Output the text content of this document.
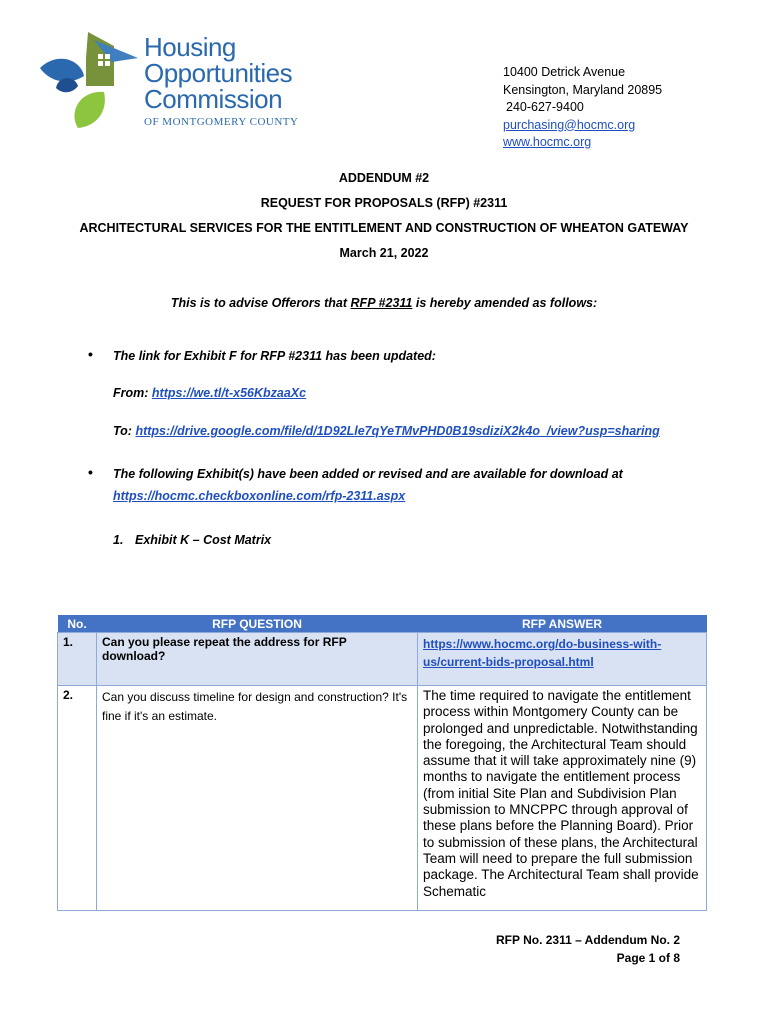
Housing
Opportunities
Commission
OF MONTGOMERY COUNTY
10400 Detrick Avenue
Kensington, Maryland 20895
240-627-9400
purchasing@hocmc.org
www.hocmc.org
ADDENDUM #2
REQUEST FOR PROPOSALS (RFP) #2311
ARCHITECTURAL SERVICES FOR THE ENTITLEMENT AND CONSTRUCTION OF WHEATON GATEWAY
March 21, 2022
This is to advise Offerors that RFP #2311 is hereby amended as follows:
• The link for Exhibit F for RFP #2311 has been updated:
From: https://we.tl/t-x56KbzaaXc
To: https://drive.google.com/file/d/1D92Lle7qYeTMvPHD0B19sdiziX2k4o_/view?usp=sharing
• The following Exhibit(s) have been added or revised and are available for download at
https://hocmc.checkboxonline.com/rfp-2311.aspx
1. Exhibit K – Cost Matrix
No.	RFP QUESTION	RFP ANSWER
1.	Can you please repeat the address for RFP download?	https://www.hocmc.org/do-business-with-us/current-bids-proposal.html
2.	Can you discuss timeline for design and construction? It's fine if it's an estimate.	The time required to navigate the entitlement process within Montgomery County can be prolonged and unpredictable. Notwithstanding the foregoing, the Architectural Team should assume that it will take approximately nine (9) months to navigate the entitlement process (from initial Site Plan and Subdivision Plan submission to MNCPPC through approval of these plans before the Planning Board). Prior to submission of these plans, the Architectural Team will need to prepare the full submission package. The Architectural Team shall provide Schematic
RFP No. 2311 – Addendum No. 2
Page 1 of 8
